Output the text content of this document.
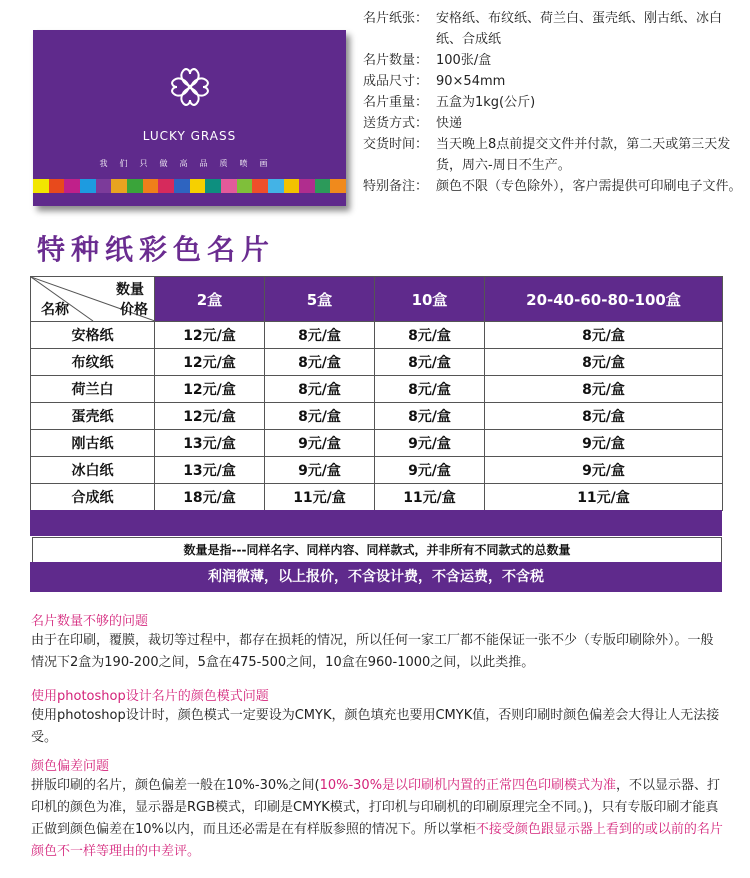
LUCKY GRASS
我们只做高品质喷画
名片纸张： 安格纸、布纹纸、荷兰白、蛋壳纸、刚古纸、冰白纸、合成纸
名片数量： 100张/盒
成品尺寸： 90×54mm
名片重量： 五盒为1kg(公斤)
送货方式： 快递
交货时间： 当天晚上8点前提交文件并付款，第二天或第三天发货，周六-周日不生产。
特别备注： 颜色不限（专色除外），客户需提供可印刷电子文件。
特种纸彩色名片
数量
名称 价格	2盒	5盒	10盒	20-40-60-80-100盒
安格纸	12元/盒	8元/盒	8元/盒	8元/盒
布纹纸	12元/盒	8元/盒	8元/盒	8元/盒
荷兰白	12元/盒	8元/盒	8元/盒	8元/盒
蛋壳纸	12元/盒	8元/盒	8元/盒	8元/盒
刚古纸	13元/盒	9元/盒	9元/盒	9元/盒
冰白纸	13元/盒	9元/盒	9元/盒	9元/盒
合成纸	18元/盒	11元/盒	11元/盒	11元/盒
数量是指---同样名字、同样内容、同样款式，并非所有不同款式的总数量
利润微薄，以上报价，不含设计费，不含运费，不含税
名片数量不够的问题
由于在印刷，覆膜，裁切等过程中，都存在损耗的情况，所以任何一家工厂都不能保证一张不少（专版印刷除外）。一般情况下2盒为190-200之间，5盒在475-500之间，10盒在960-1000之间，以此类推。
使用photoshop设计名片的颜色模式问题
使用photoshop设计时，颜色模式一定要设为CMYK，颜色填充也要用CMYK值，否则印刷时颜色偏差会大得让人无法接受。
颜色偏差问题
拼版印刷的名片，颜色偏差一般在10%-30%之间(10%-30%是以印刷机内置的正常四色印刷模式为准，不以显示器、打印机的颜色为准，显示器是RGB模式，印刷是CMYK模式，打印机与印刷机的印刷原理完全不同。)，只有专版印刷才能真正做到颜色偏差在10%以内，而且还必需是在有样版参照的情况下。所以掌柜不接受颜色跟显示器上看到的或以前的名片颜色不一样等理由的中差评。
